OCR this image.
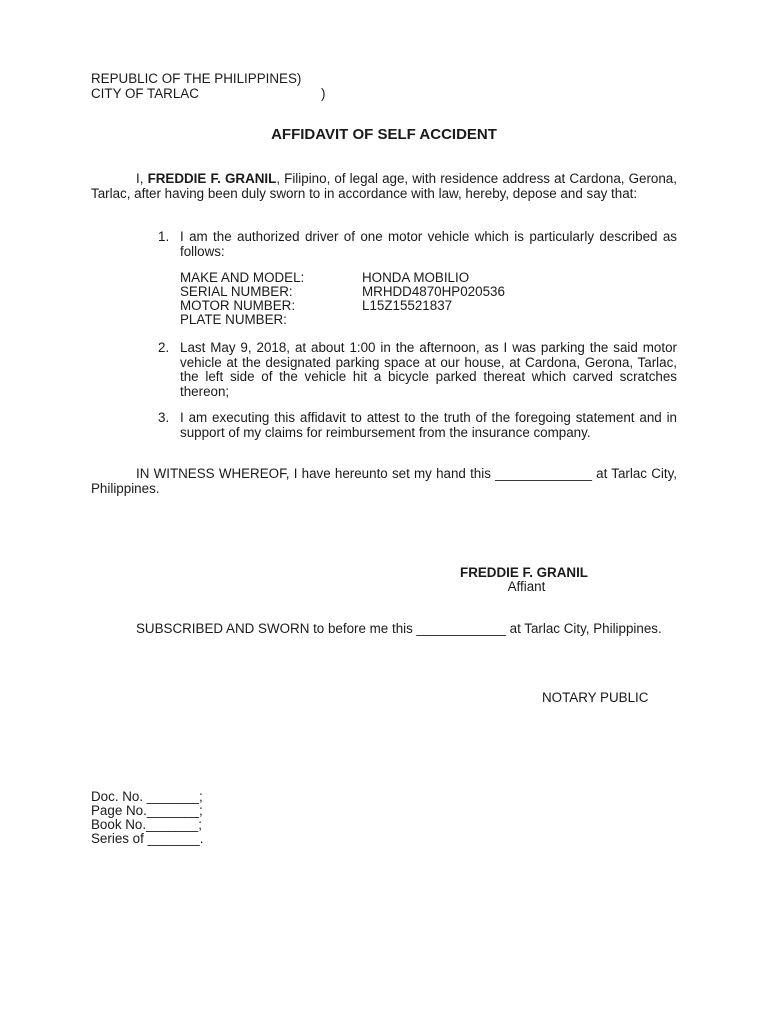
REPUBLIC OF THE PHILIPPINES)
CITY OF TARLAC	)
AFFIDAVIT OF SELF ACCIDENT

I, FREDDIE F. GRANIL, Filipino, of legal age, with residence address at Cardona, Gerona, Tarlac, after having been duly sworn to in accordance with law, hereby, depose and say that:

1. I am the authorized driver of one motor vehicle which is particularly described as follows:

MAKE AND MODEL:	HONDA MOBILIO
SERIAL NUMBER:	MRHDD4870HP020536
MOTOR NUMBER:	L15Z15521837
PLATE NUMBER:
2. Last May 9, 2018, at about 1:00 in the afternoon, as I was parking the said motor vehicle at the designated parking space at our house, at Cardona, Gerona, Tarlac, the left side of the vehicle hit a bicycle parked thereat which carved scratches thereon;

3. I am executing this affidavit to attest to the truth of the foregoing statement and in support of my claims for reimbursement from the insurance company.

IN WITNESS WHEREOF, I have hereunto set my hand this _____________ at Tarlac City, Philippines.

FREDDIE F. GRANIL
Affiant

SUBSCRIBED AND SWORN to before me this ____________ at Tarlac City, Philippines.

NOTARY PUBLIC
Doc. No. _______;
Page No._______;
Book No._______;
Series of _______.
